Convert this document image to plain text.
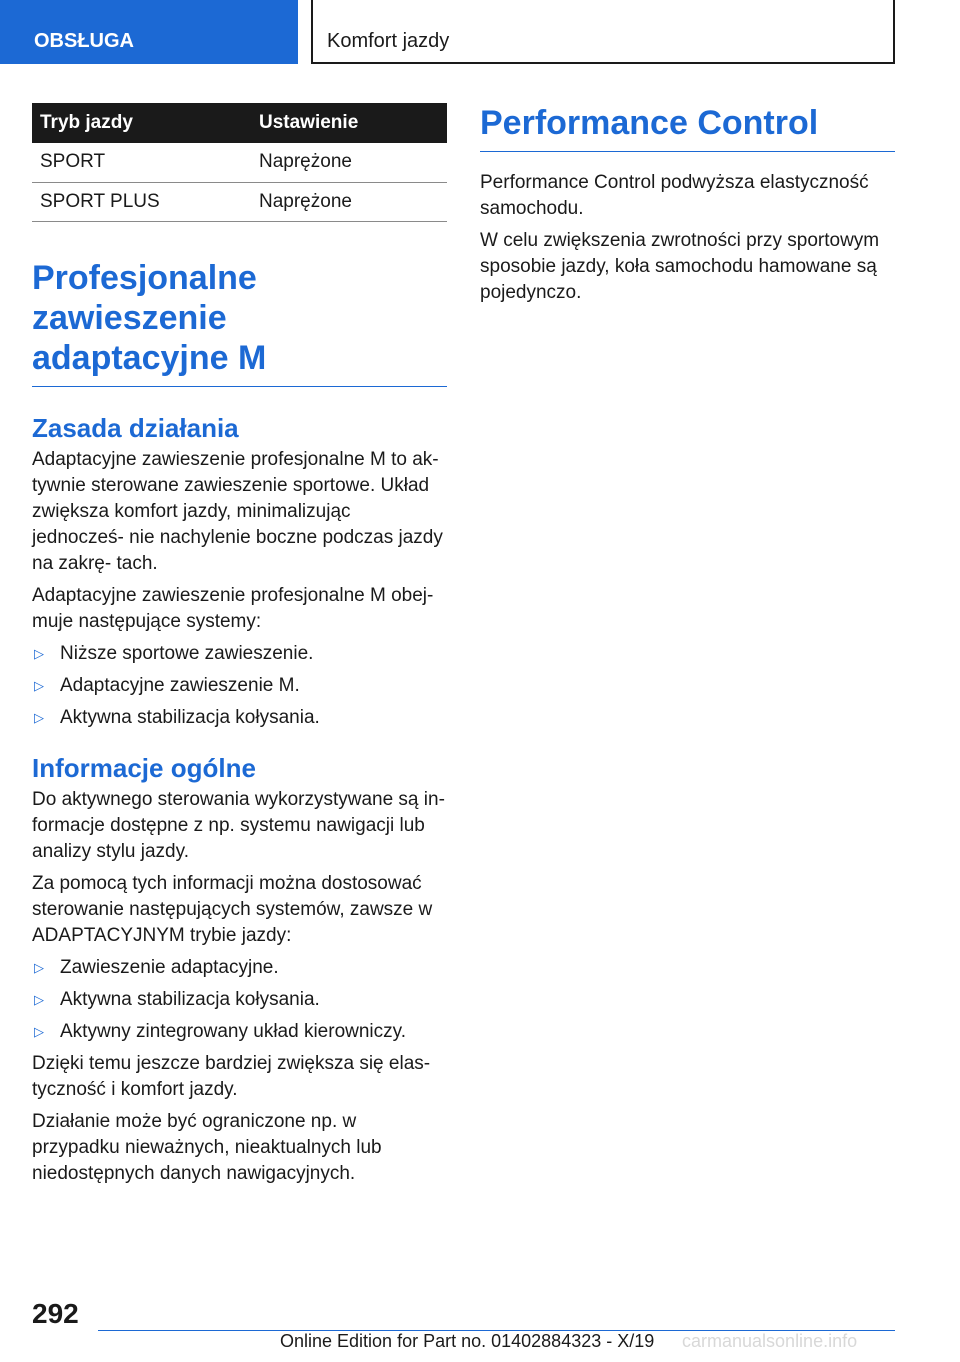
OBSŁUGA	Komfort jazdy
Tryb jazdy	Ustawienie
SPORT	Naprężone
SPORT PLUS	Naprężone
Profesjonalne zawieszenie
adaptacyjne M
Zasada działania

Adaptacyjne zawieszenie profesjonalne M to ak‐ tywnie sterowane zawieszenie sportowe. Układ zwiększa komfort jazdy, minimalizując jednocześ‐ nie nachylenie boczne podczas jazdy na zakrę‐ tach.

Adaptacyjne zawieszenie profesjonalne M obej‐ muje następujące systemy:

▷ Niższe sportowe zawieszenie.
▷ Adaptacyjne zawieszenie M.
▷ Aktywna stabilizacja kołysania.
Informacje ogólne

Do aktywnego sterowania wykorzystywane są in‐ formacje dostępne z np. systemu nawigacji lub analizy stylu jazdy.

Za pomocą tych informacji można dostosować sterowanie następujących systemów, zawsze w ADAPTACYJNYM trybie jazdy:

▷ Zawieszenie adaptacyjne.
▷ Aktywna stabilizacja kołysania.
▷ Aktywny zintegrowany układ kierowniczy.

Dzięki temu jeszcze bardziej zwiększa się elas‐ tyczność i komfort jazdy.

Działanie może być ograniczone np. w przypadku nieważnych, nieaktualnych lub niedostępnych danych nawigacyjnych.

Performance Control

Performance Control podwyższa elastyczność samochodu.

W celu zwiększenia zwrotności przy sportowym sposobie jazdy, koła samochodu hamowane są pojedynczo.

292
Online Edition for Part no. 01402884323 - X/19 carmanualsonline.info
